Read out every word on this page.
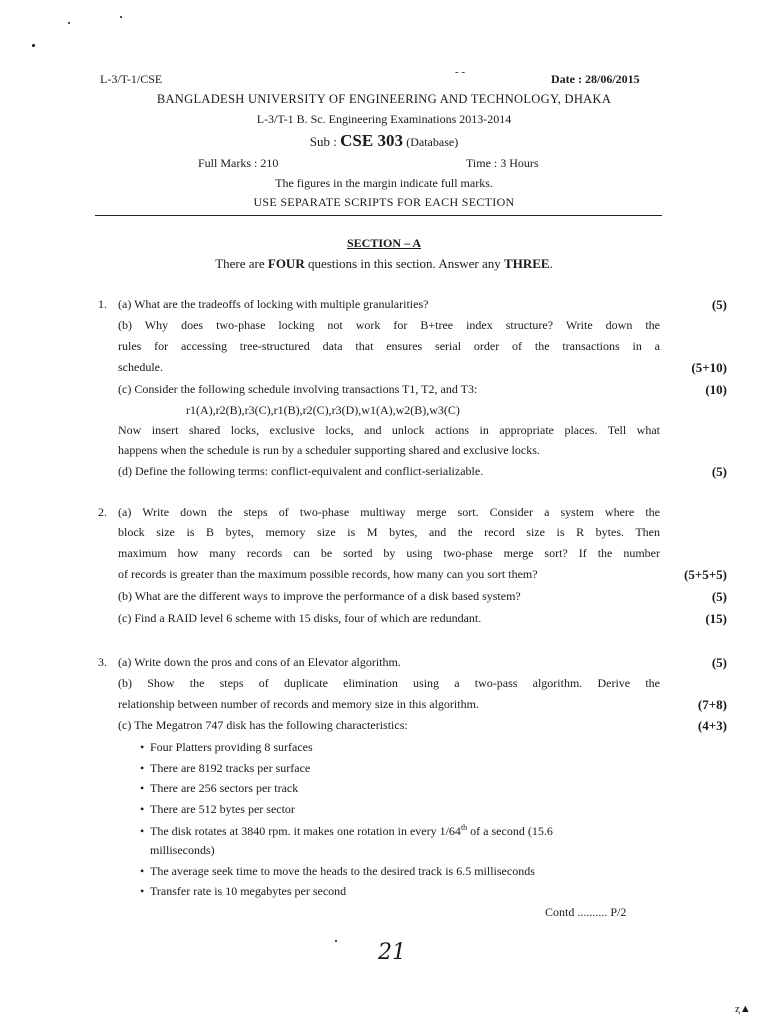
L-3/T-1/CSE	Date : 28/06/2015
- -
BANGLADESH UNIVERSITY OF ENGINEERING AND TECHNOLOGY, DHAKA
L-3/T-1 B. Sc. Engineering Examinations 2013-2014
Sub : CSE 303 (Database)
Full Marks : 210	Time : 3 Hours
The figures in the margin indicate full marks.
USE SEPARATE SCRIPTS FOR EACH SECTION
SECTION – A
There are FOUR questions in this section. Answer any THREE.
1. (a) What are the tradeoffs of locking with multiple granularities?	(5)
(b) Why does two-phase locking not work for B+tree index structure? Write down the
rules for accessing tree-structured data that ensures serial order of the transactions in a
schedule.	(5+10)
(c) Consider the following schedule involving transactions T1, T2, and T3:	(10)
r1(A),r2(B),r3(C),r1(B),r2(C),r3(D),w1(A),w2(B),w3(C)
Now insert shared locks, exclusive locks, and unlock actions in appropriate places. Tell what
happens when the schedule is run by a scheduler supporting shared and exclusive locks.
(d) Define the following terms: conflict-equivalent and conflict-serializable.	(5)
2. (a) Write down the steps of two-phase multiway merge sort. Consider a system where the
block size is B bytes, memory size is M bytes, and the record size is R bytes. Then
maximum how many records can be sorted by using two-phase merge sort? If the number
of records is greater than the maximum possible records, how many can you sort them?	(5+5+5)
(b) What are the different ways to improve the performance of a disk based system?	(5)
(c) Find a RAID level 6 scheme with 15 disks, four of which are redundant.	(15)
3. (a) Write down the pros and cons of an Elevator algorithm.	(5)
(b) Show the steps of duplicate elimination using a two-pass algorithm. Derive the
relationship between number of records and memory size in this algorithm.	(7+8)
(c) The Megatron 747 disk has the following characteristics:	(4+3)
• Four Platters providing 8 surfaces
• There are 8192 tracks per surface
• There are 256 sectors per track
• There are 512 bytes per sector
• The disk rotates at 3840 rpm. it makes one rotation in every 1/64th of a second (15.6
milliseconds)
• The average seek time to move the heads to the desired track is 6.5 milliseconds
• Transfer rate is 10 megabytes per second
Contd .......... P/2
21
ⱬ▲
